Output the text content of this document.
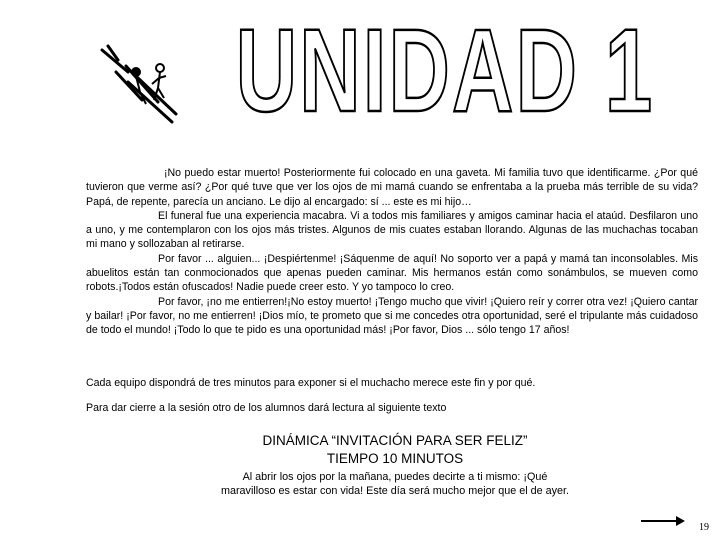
UNIDAD 1

¡No puedo estar muerto! Posteriormente fui colocado en una gaveta. Mi familia tuvo que identificarme. ¿Por qué tuvieron que verme así? ¿Por qué tuve que ver los ojos de mi mamá cuando se enfrentaba a la prueba más terrible de su vida? Papá, de repente, parecía un anciano. Le dijo al encargado: sí ... este es mi hijo…

El funeral fue una experiencia macabra. Vi a todos mis familiares y amigos caminar hacia el ataúd. Desfilaron uno a uno, y me contemplaron con los ojos más tristes. Algunos de mis cuates estaban llorando. Algunas de las muchachas tocaban mi mano y sollozaban al retirarse.

Por favor ... alguien... ¡Despiértenme! ¡Sáquenme de aquí! No soporto ver a papá y mamá tan inconsolables. Mis abuelitos están tan conmocionados que apenas pueden caminar. Mis hermanos están como sonámbulos, se mueven como robots.¡Todos están ofuscados! Nadie puede creer esto. Y yo tampoco lo creo.

Por favor, ¡no me entierren!¡No estoy muerto! ¡Tengo mucho que vivir! ¡Quiero reír y correr otra vez! ¡Quiero cantar y bailar! ¡Por favor, no me entierren! ¡Dios mío, te prometo que si me concedes otra oportunidad, seré el tripulante más cuidadoso de todo el mundo! ¡Todo lo que te pido es una oportunidad más! ¡Por favor, Dios ... sólo tengo 17 años!

Cada equipo dispondrá de tres minutos para exponer si el muchacho merece este fin y por qué.
Para dar cierre a la sesión otro de los alumnos dará lectura al siguiente texto
DINÁMICA “INVITACIÓN PARA SER FELIZ”
TIEMPO 10 MINUTOS
Al abrir los ojos por la mañana, puedes decirte a ti mismo: ¡Qué maravilloso es estar con vida! Este día será mucho mejor que el de ayer.
19
